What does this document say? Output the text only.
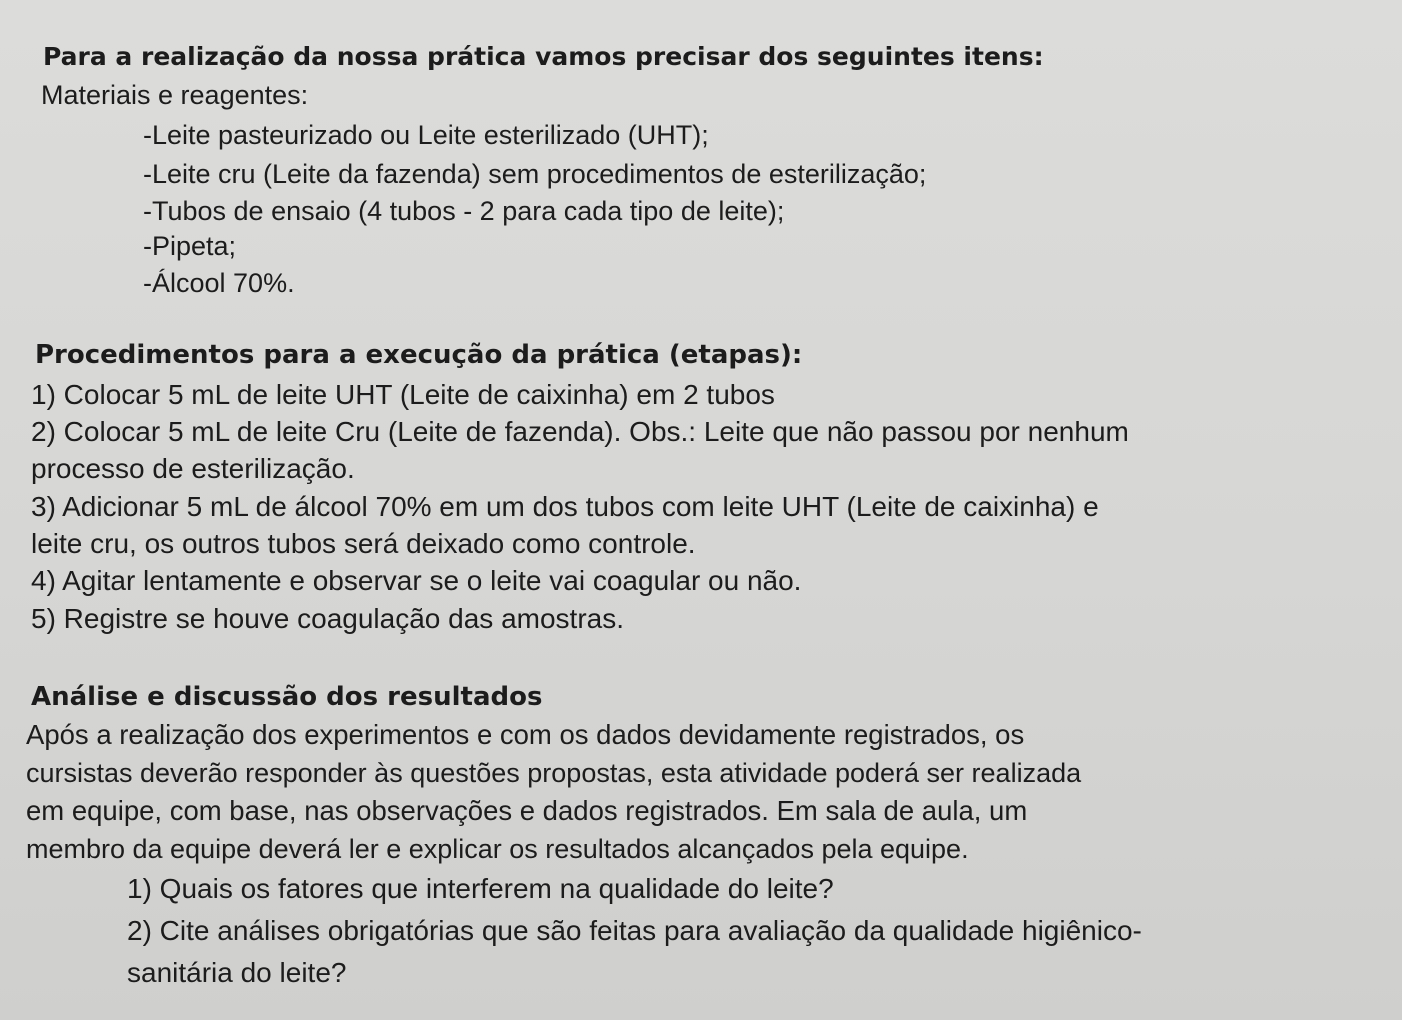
Para a realização da nossa prática vamos precisar dos seguintes itens:
Materiais e reagentes:
-Leite pasteurizado ou Leite esterilizado (UHT);
-Leite cru (Leite da fazenda) sem procedimentos de esterilização;
-Tubos de ensaio (4 tubos - 2 para cada tipo de leite);
-Pipeta;
-Álcool 70%.
Procedimentos para a execução da prática (etapas):
1) Colocar 5 mL de leite UHT (Leite de caixinha) em 2 tubos
2) Colocar 5 mL de leite Cru (Leite de fazenda). Obs.: Leite que não passou por nenhum
processo de esterilização.
3) Adicionar 5 mL de álcool 70% em um dos tubos com leite UHT (Leite de caixinha) e
leite cru, os outros tubos será deixado como controle.
4) Agitar lentamente e observar se o leite vai coagular ou não.
5) Registre se houve coagulação das amostras.
Análise e discussão dos resultados
Após a realização dos experimentos e com os dados devidamente registrados, os
cursistas deverão responder às questões propostas, esta atividade poderá ser realizada
em equipe, com base, nas observações e dados registrados. Em sala de aula, um
membro da equipe deverá ler e explicar os resultados alcançados pela equipe.
1) Quais os fatores que interferem na qualidade do leite?
2) Cite análises obrigatórias que são feitas para avaliação da qualidade higiênico-
sanitária do leite?
